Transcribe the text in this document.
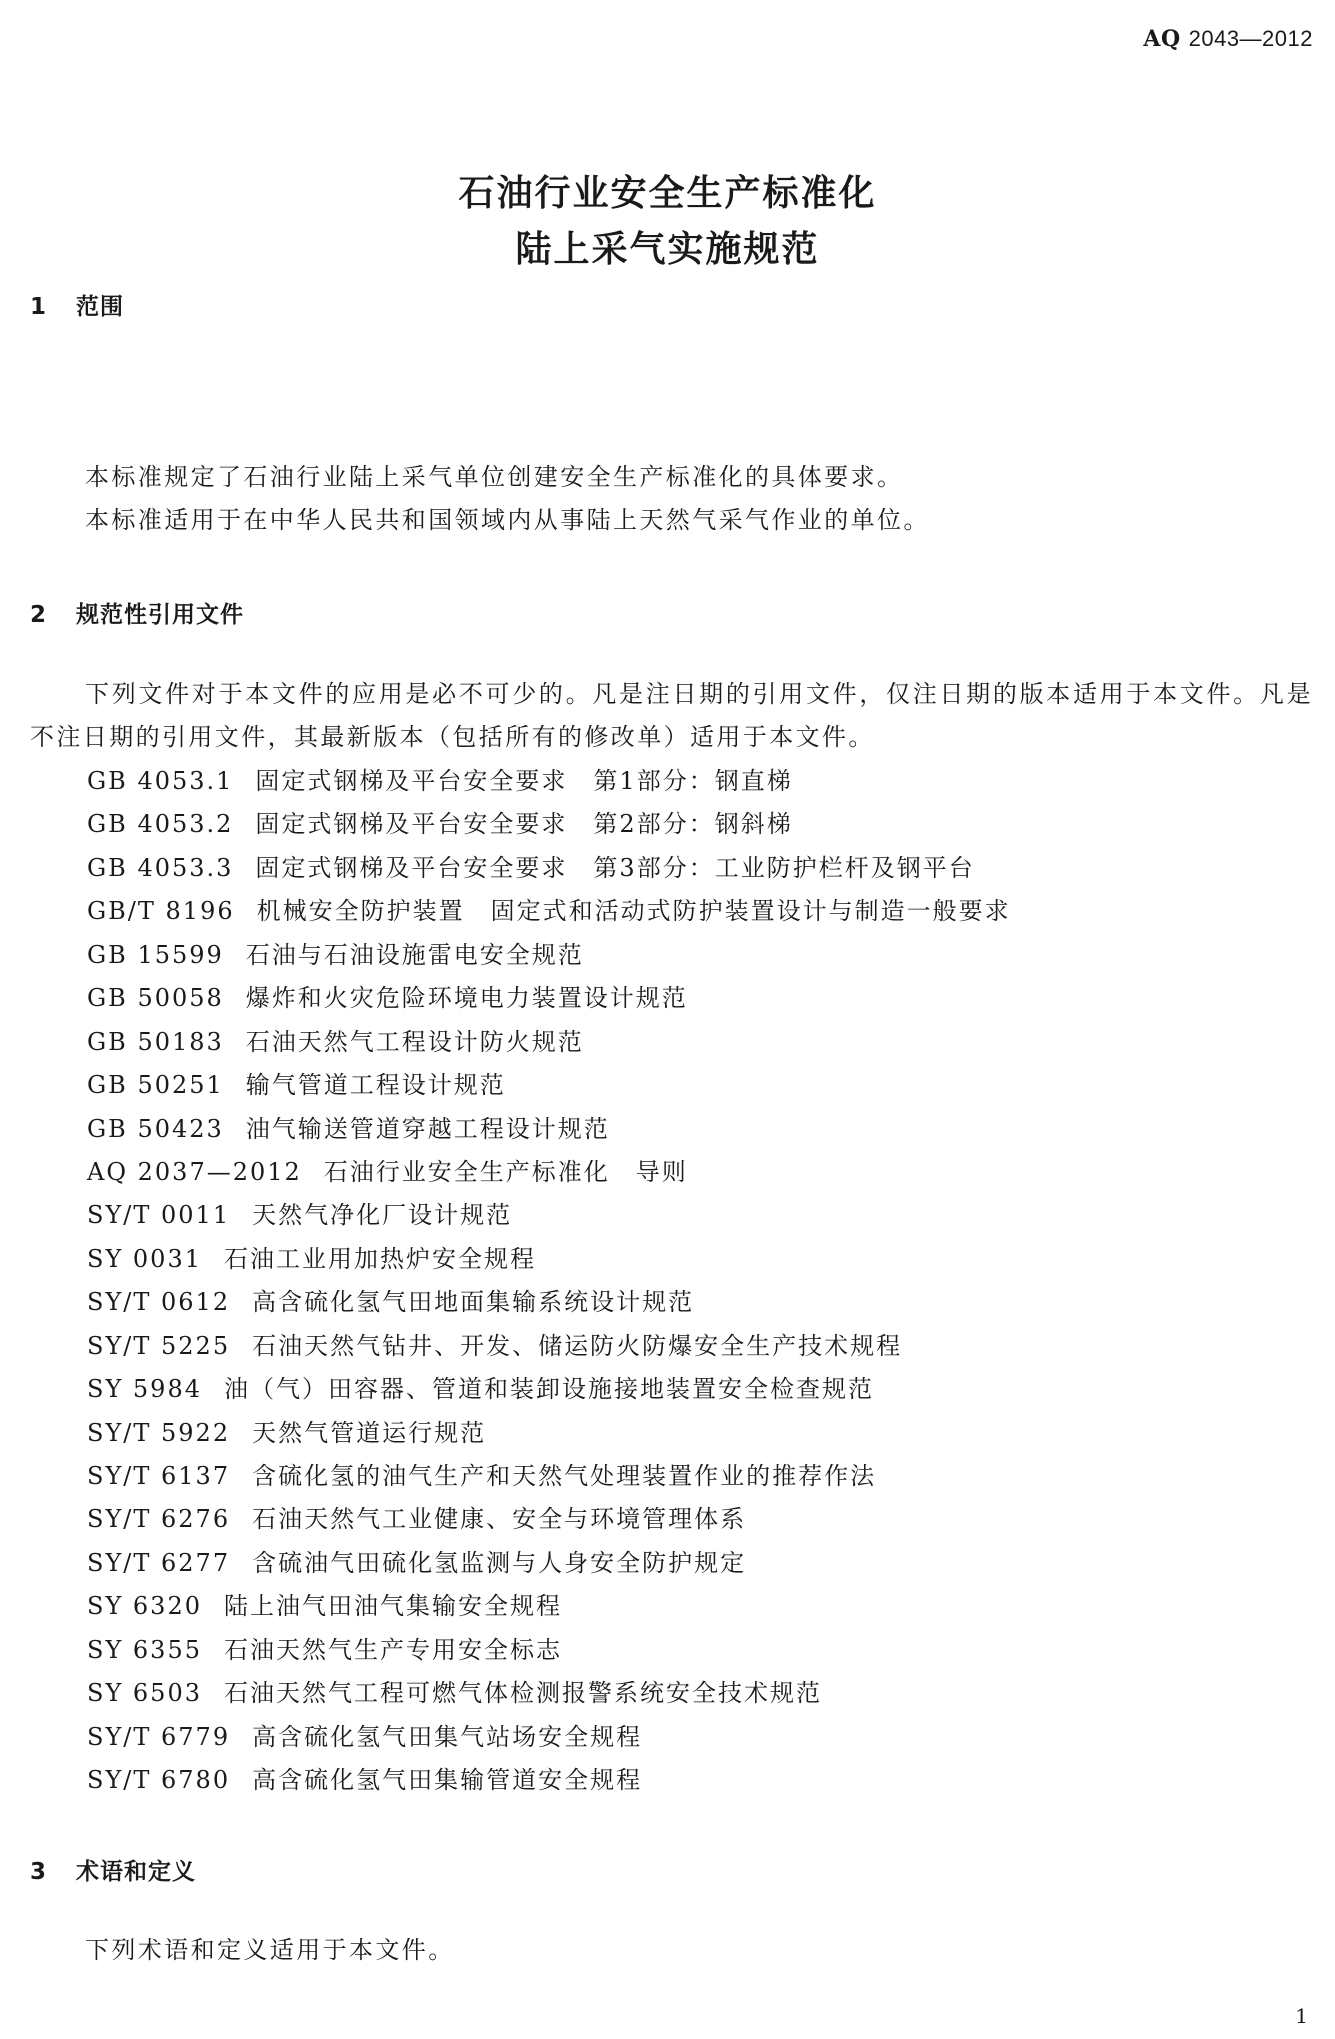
AQ 2043—2012
石油行业安全生产标准化
陆上采气实施规范
1 范围
本标准规定了石油行业陆上采气单位创建安全生产标准化的具体要求。
本标准适用于在中华人民共和国领域内从事陆上天然气采气作业的单位。
2 规范性引用文件
下列文件对于本文件的应用是必不可少的。凡是注日期的引用文件，仅注日期的版本适用于本文件。凡是不注日期的引用文件，其最新版本（包括所有的修改单）适用于本文件。
GB 4053.1 固定式钢梯及平台安全要求　第1部分：钢直梯
GB 4053.2 固定式钢梯及平台安全要求　第2部分：钢斜梯
GB 4053.3 固定式钢梯及平台安全要求　第3部分：工业防护栏杆及钢平台
GB/T 8196 机械安全防护装置　固定式和活动式防护装置设计与制造一般要求
GB 15599 石油与石油设施雷电安全规范
GB 50058 爆炸和火灾危险环境电力装置设计规范
GB 50183 石油天然气工程设计防火规范
GB 50251 输气管道工程设计规范
GB 50423 油气输送管道穿越工程设计规范
AQ 2037—2012 石油行业安全生产标准化　导则
SY/T 0011 天然气净化厂设计规范
SY 0031 石油工业用加热炉安全规程
SY/T 0612 高含硫化氢气田地面集输系统设计规范
SY/T 5225 石油天然气钻井、开发、储运防火防爆安全生产技术规程
SY 5984 油（气）田容器、管道和装卸设施接地装置安全检查规范
SY/T 5922 天然气管道运行规范
SY/T 6137 含硫化氢的油气生产和天然气处理装置作业的推荐作法
SY/T 6276 石油天然气工业健康、安全与环境管理体系
SY/T 6277 含硫油气田硫化氢监测与人身安全防护规定
SY 6320 陆上油气田油气集输安全规程
SY 6355 石油天然气生产专用安全标志
SY 6503 石油天然气工程可燃气体检测报警系统安全技术规范
SY/T 6779 高含硫化氢气田集气站场安全规程
SY/T 6780 高含硫化氢气田集输管道安全规程
3 术语和定义
下列术语和定义适用于本文件。
1
